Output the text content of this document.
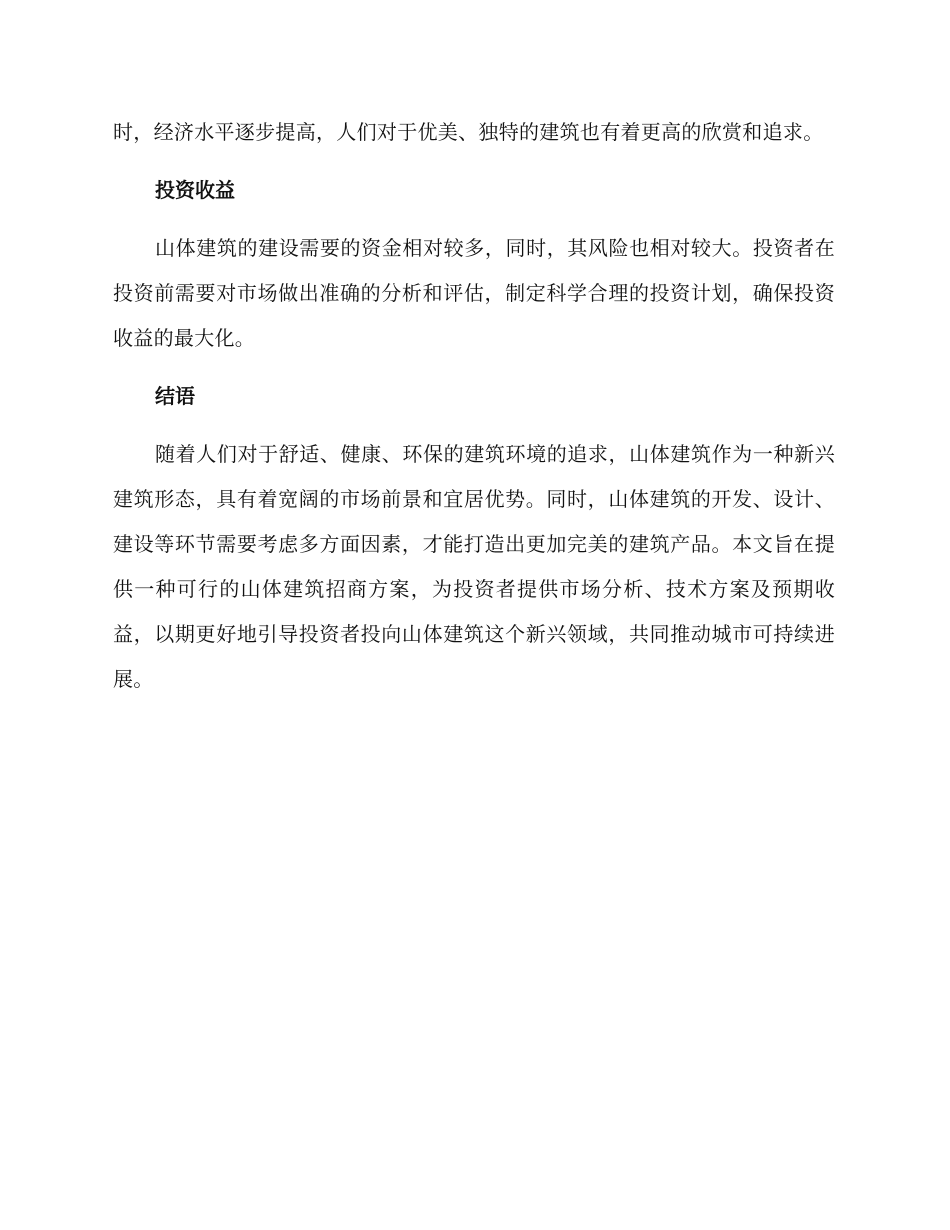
时，经济水平逐步提高，人们对于优美、独特的建筑也有着更高的欣赏和追求。

投资收益

山体建筑的建设需要的资金相对较多，同时，其风险也相对较大。投资者在投资前需要对市场做出准确的分析和评估，制定科学合理的投资计划，确保投资收益的最大化。

结语

随着人们对于舒适、健康、环保的建筑环境的追求，山体建筑作为一种新兴建筑形态，具有着宽阔的市场前景和宜居优势。同时，山体建筑的开发、设计、建设等环节需要考虑多方面因素，才能打造出更加完美的建筑产品。本文旨在提供一种可行的山体建筑招商方案，为投资者提供市场分析、技术方案及预期收益，以期更好地引导投资者投向山体建筑这个新兴领域，共同推动城市可持续进展。
